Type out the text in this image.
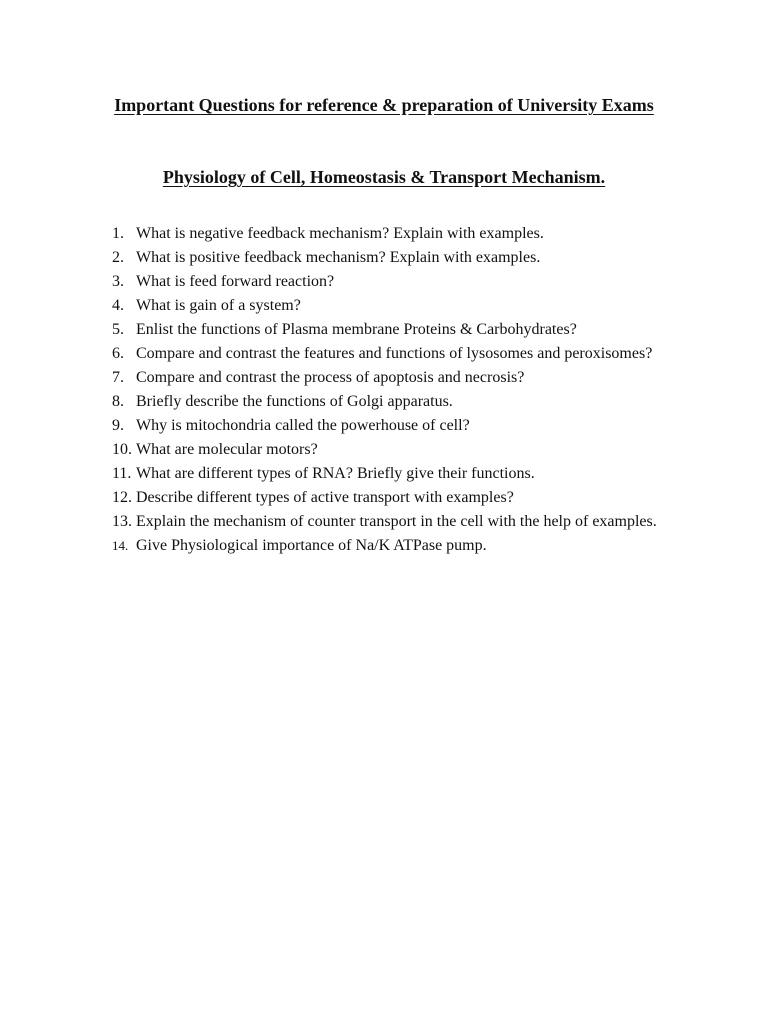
Important Questions for reference & preparation of University Exams
Physiology of Cell, Homeostasis & Transport Mechanism.
1. What is negative feedback mechanism? Explain with examples.
2. What is positive feedback mechanism? Explain with examples.
3. What is feed forward reaction?
4. What is gain of a system?
5. Enlist the functions of Plasma membrane Proteins & Carbohydrates?
6. Compare and contrast the features and functions of lysosomes and peroxisomes?
7. Compare and contrast the process of apoptosis and necrosis?
8. Briefly describe the functions of Golgi apparatus.
9. Why is mitochondria called the powerhouse of cell?
10. What are molecular motors?
11. What are different types of RNA? Briefly give their functions.
12. Describe different types of active transport with examples?
13. Explain the mechanism of counter transport in the cell with the help of examples.
14. Give Physiological importance of Na/K ATPase pump.
